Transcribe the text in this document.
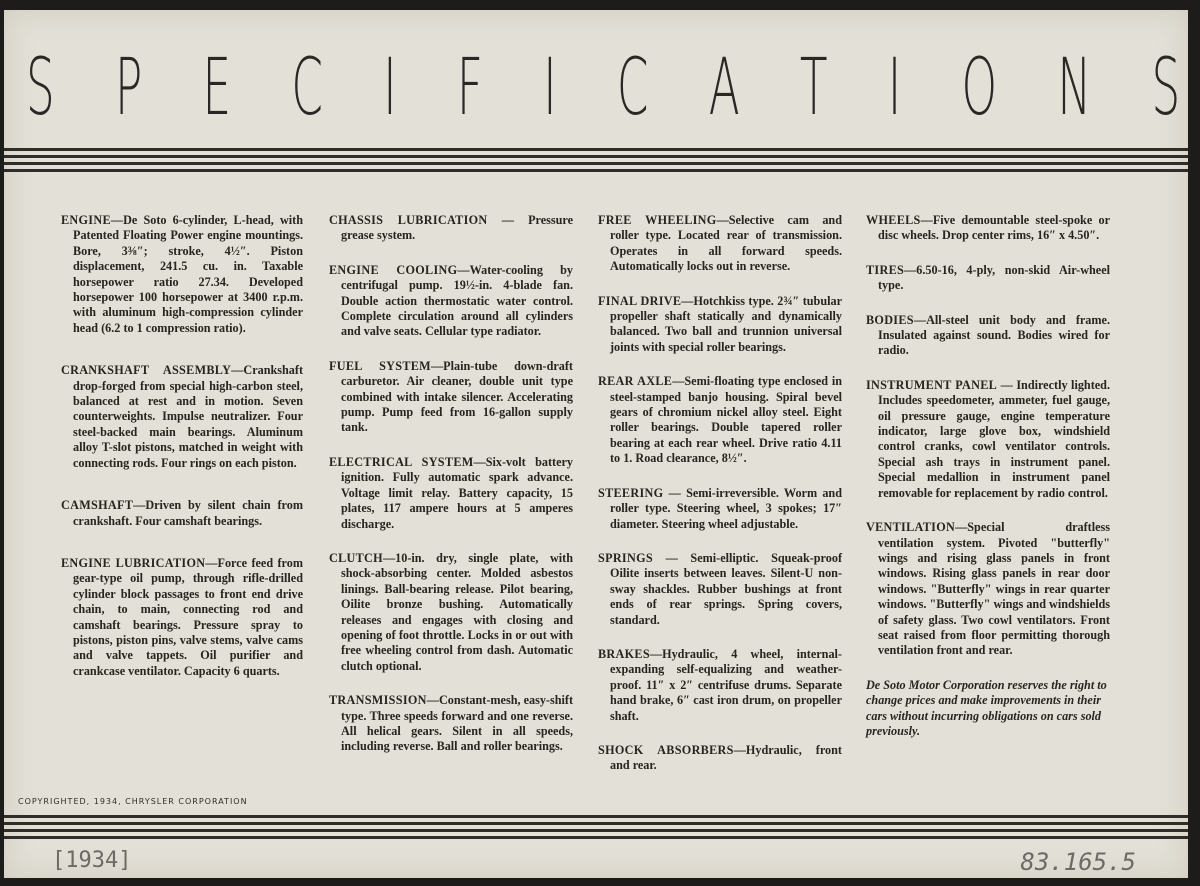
S P E C I F I C A T I O N S

ENGINE—De Soto 6-cylinder, L-head, with Patented Floating Power engine mountings. Bore, 3⅜″; stroke, 4½″. Piston displacement, 241.5 cu. in. Taxable horsepower ratio 27.34. Developed horsepower 100 horsepower at 3400 r.p.m. with aluminum high-compression cylinder head (6.2 to 1 compression ratio).

CRANKSHAFT ASSEMBLY—Crankshaft drop-forged from special high-carbon steel, balanced at rest and in motion. Seven counterweights. Impulse neutralizer. Four steel-backed main bearings. Aluminum alloy T-slot pistons, matched in weight with connecting rods. Four rings on each piston.

CAMSHAFT—Driven by silent chain from crankshaft. Four camshaft bearings.

ENGINE LUBRICATION—Force feed from gear-type oil pump, through rifle-drilled cylinder block passages to front end drive chain, to main, connecting rod and camshaft bearings. Pressure spray to pistons, piston pins, valve stems, valve cams and valve tappets. Oil purifier and crankcase ventilator. Capacity 6 quarts.

CHASSIS LUBRICATION — Pressure grease system.

ENGINE COOLING—Water-cooling by centrifugal pump. 19½-in. 4-blade fan. Double action thermostatic water control. Complete circulation around all cylinders and valve seats. Cellular type radiator.

FUEL SYSTEM—Plain-tube down-draft carburetor. Air cleaner, double unit type combined with intake silencer. Accelerating pump. Pump feed from 16-gallon supply tank.

ELECTRICAL SYSTEM—Six-volt battery ignition. Fully automatic spark advance. Voltage limit relay. Battery capacity, 15 plates, 117 ampere hours at 5 amperes discharge.

CLUTCH—10-in. dry, single plate, with shock-absorbing center. Molded asbestos linings. Ball-bearing release. Pilot bearing, Oilite bronze bushing. Automatically releases and engages with closing and opening of foot throttle. Locks in or out with free wheeling control from dash. Automatic clutch optional.

TRANSMISSION—Constant-mesh, easy-shift type. Three speeds forward and one reverse. All helical gears. Silent in all speeds, including reverse. Ball and roller bearings.

FREE WHEELING—Selective cam and roller type. Located rear of transmission. Operates in all forward speeds. Automatically locks out in reverse.

FINAL DRIVE—Hotchkiss type. 2¾″ tubular propeller shaft statically and dynamically balanced. Two ball and trunnion universal joints with special roller bearings.

REAR AXLE—Semi-floating type enclosed in steel-stamped banjo housing. Spiral bevel gears of chromium nickel alloy steel. Eight roller bearings. Double tapered roller bearing at each rear wheel. Drive ratio 4.11 to 1. Road clearance, 8½″.

STEERING — Semi-irreversible. Worm and roller type. Steering wheel, 3 spokes; 17″ diameter. Steering wheel adjustable.

SPRINGS — Semi-elliptic. Squeak-proof Oilite inserts between leaves. Silent-U non-sway shackles. Rubber bushings at front ends of rear springs. Spring covers, standard.

BRAKES—Hydraulic, 4 wheel, internal-expanding self-equalizing and weather-proof. 11″ x 2″ centrifuse drums. Separate hand brake, 6″ cast iron drum, on propeller shaft.

SHOCK ABSORBERS—Hydraulic, front and rear.

WHEELS—Five demountable steel-spoke or disc wheels. Drop center rims, 16″ x 4.50″.

TIRES—6.50-16, 4-ply, non-skid Air-wheel type.

BODIES—All-steel unit body and frame. Insulated against sound. Bodies wired for radio.

INSTRUMENT PANEL — Indirectly lighted. Includes speedometer, ammeter, fuel gauge, oil pressure gauge, engine temperature indicator, large glove box, windshield control cranks, cowl ventilator controls. Special ash trays in instrument panel. Special medallion in instrument panel removable for replacement by radio control.

VENTILATION—Special draftless ventilation system. Pivoted "butterfly" wings and rising glass panels in front windows. Rising glass panels in rear door windows. "Butterfly" wings in rear quarter windows. "Butterfly" wings and windshields of safety glass. Two cowl ventilators. Front seat raised from floor permitting thorough ventilation front and rear.

De Soto Motor Corporation reserves the right to change prices and make improvements in their cars without incurring obligations on cars sold previously.

COPYRIGHTED, 1934, CHRYSLER CORPORATION
[1934]	83.165.5
